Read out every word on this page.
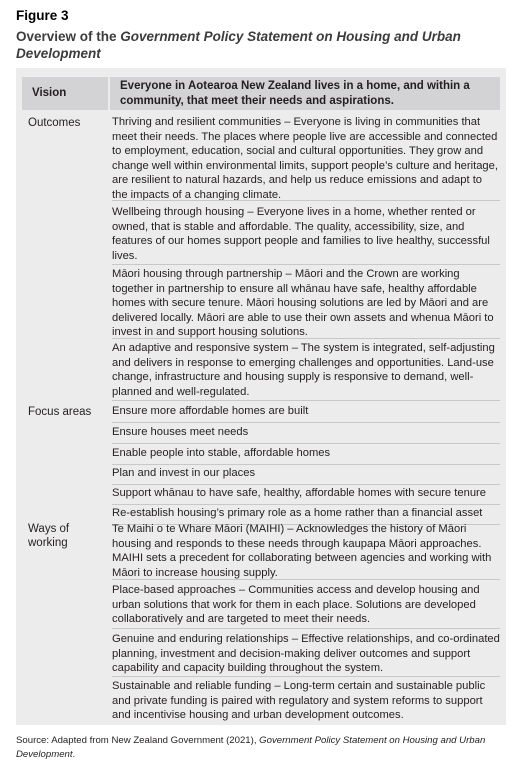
Figure 3
Overview of the Government Policy Statement on Housing and Urban Development
Vision
Everyone in Aotearoa New Zealand lives in a home, and within a community, that meet their needs and aspirations.
Outcomes	Thriving and resilient communities – Everyone is living in communities that meet their needs. The places where people live are accessible and connected to employment, education, social and cultural opportunities. They grow and change well within environmental limits, support people’s culture and heritage, are resilient to natural hazards, and help us reduce emissions and adapt to the impacts of a changing climate.
Wellbeing through housing – Everyone lives in a home, whether rented or owned, that is stable and affordable. The quality, accessibility, size, and features of our homes support people and families to live healthy, successful lives.
Māori housing through partnership – Māori and the Crown are working together in partnership to ensure all whānau have safe, healthy affordable homes with secure tenure. Māori housing solutions are led by Māori and are delivered locally. Māori are able to use their own assets and whenua Māori to invest in and support housing solutions.
An adaptive and responsive system – The system is integrated, self-adjusting and delivers in response to emerging challenges and opportunities. Land-use change, infrastructure and housing supply is responsive to demand, well-planned and well-regulated.
Focus areas	Ensure more affordable homes are built
Ensure houses meet needs
Enable people into stable, affordable homes
Plan and invest in our places
Support whānau to have safe, healthy, affordable homes with secure tenure
Re-establish housing’s primary role as a home rather than a financial asset
Ways of working
Te Maihi o te Whare Māori (MAIHI) – Acknowledges the history of Māori housing and responds to these needs through kaupapa Māori approaches. MAIHI sets a precedent for collaborating between agencies and working with Māori to increase housing supply.
Place-based approaches – Communities access and develop housing and urban solutions that work for them in each place. Solutions are developed collaboratively and are targeted to meet their needs.
Genuine and enduring relationships – Effective relationships, and co-ordinated planning, investment and decision-making deliver outcomes and support capability and capacity building throughout the system.
Sustainable and reliable funding – Long-term certain and sustainable public and private funding is paired with regulatory and system reforms to support and incentivise housing and urban development outcomes.
Source: Adapted from New Zealand Government (2021), Government Policy Statement on Housing and Urban Development.
